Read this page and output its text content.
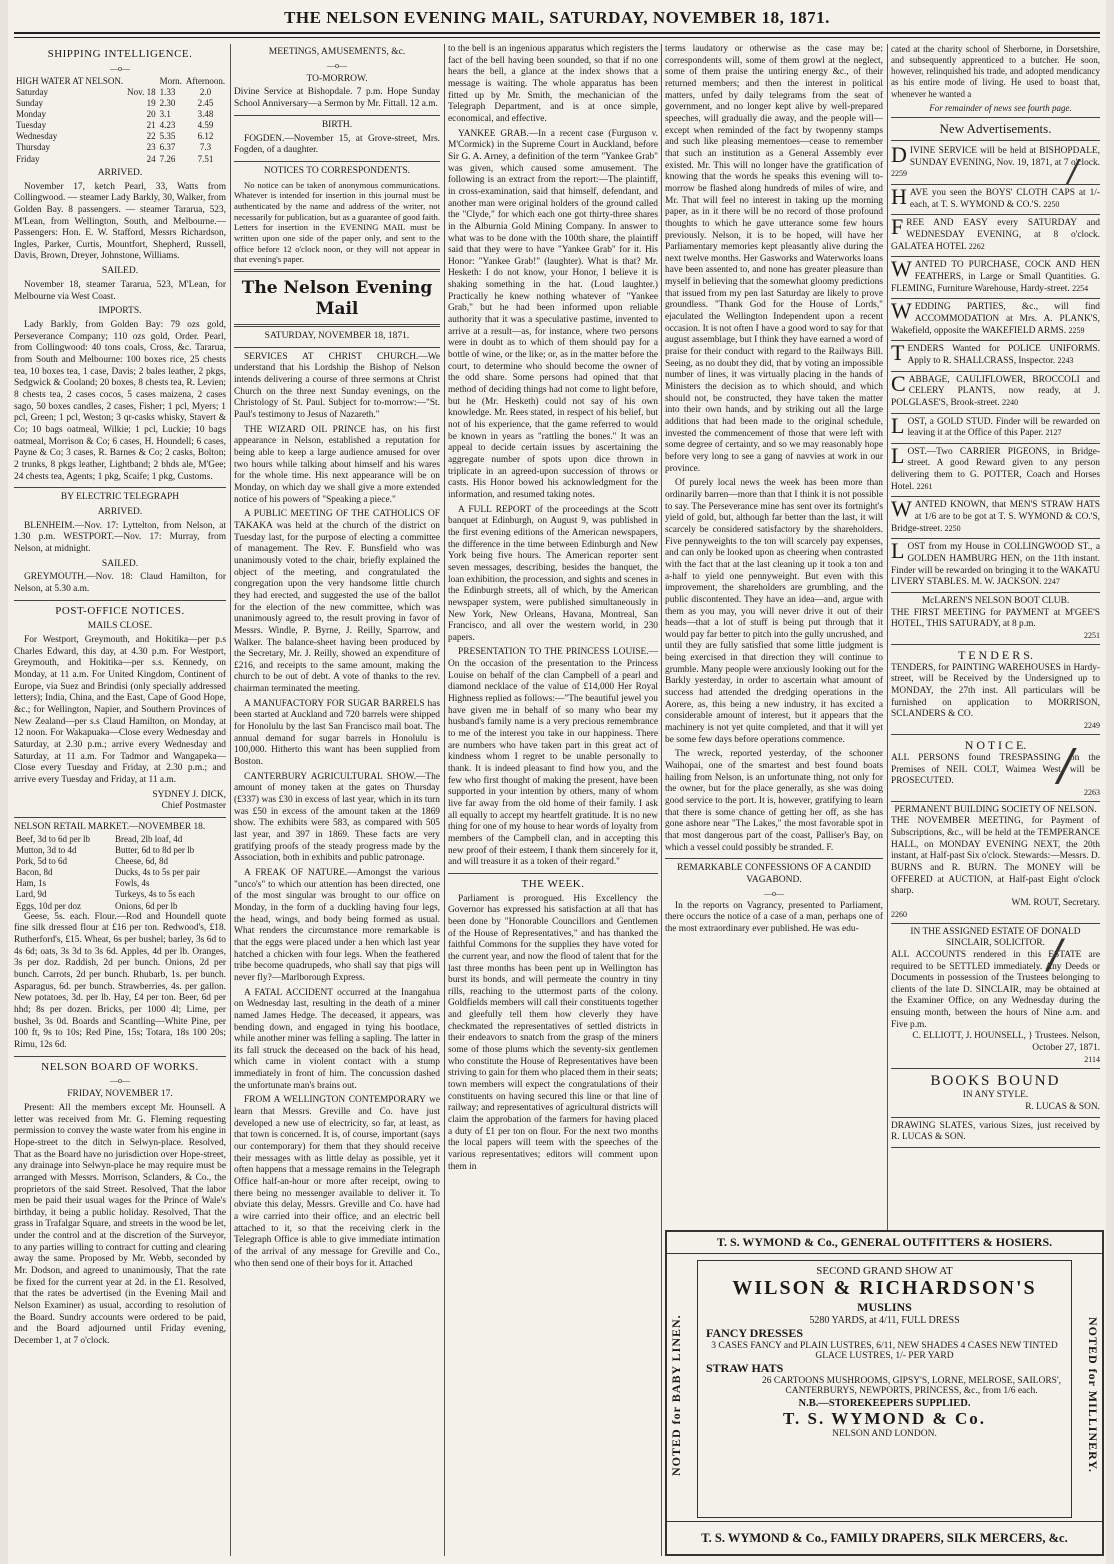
THE NELSON EVENING MAIL, SATURDAY, NOVEMBER 18, 1871.
SHIPPING INTELLIGENCE.
—o—
HIGH WATER AT NELSON.		Morn.	Afternoon.
Saturday	Nov. 18	1.33	2.0
Sunday	19	2.30	2.45
Monday	20	3.1	3.48
Tuesday	21	4.23	4.59
Wednesday	22	5.35	6.12
Thursday	23	6.37	7.3
Friday	24	7.26	7.51
ARRIVED.

November 17, ketch Pearl, 33, Watts from Collingwood. — steamer Lady Barkly, 30, Walker, from Golden Bay. 8 passengers. — steamer Tararua, 523, M'Lean, from Wellington, South, and Melbourne.—Passengers: Hon. E. W. Stafford, Messrs Richardson, Ingles, Parker, Curtis, Mountfort, Shepherd, Russell, Davis, Brown, Dreyer, Johnstone, Williams.

SAILED.

November 18, steamer Tararua, 523, M'Lean, for Melbourne via West Coast.

IMPORTS.

Lady Barkly, from Golden Bay: 79 ozs gold, Perseverance Company; 110 ozs gold, Order. Pearl, from Collingwood: 40 tons coals, Cross, &c. Tararua, from South and Melbourne: 100 boxes rice, 25 chests tea, 10 boxes tea, 1 case, Davis; 2 bales leather, 2 pkgs, Sedgwick & Cooland; 20 boxes, 8 chests tea, R. Levien; 8 chests tea, 2 cases cocos, 5 cases maizena, 2 cases sago, 50 boxes candles, 2 cases, Fisher; 1 pcl, Myers; 1 pcl, Green; 1 pcl, Weston; 3 qr-casks whisky, Stavert & Co; 10 bags oatmeal, Wilkie; 1 pcl, Luckie; 10 bags oatmeal, Morrison & Co; 6 cases, H. Houndell; 6 cases, Payne & Co; 3 cases, R. Barnes & Co; 2 casks, Bolton; 2 trunks, 8 pkgs leather, Lightband; 2 bhds ale, M'Gee; 24 chests tea, Agents; 1 pkg, Scaife; 1 pkg, Customs.

BY ELECTRIC TELEGRAPH
ARRIVED.

BLENHEIM.—Nov. 17: Lyttelton, from Nelson, at 1.30 p.m. WESTPORT.—Nov. 17: Murray, from Nelson, at midnight.

SAILED.

GREYMOUTH.—Nov. 18: Claud Hamilton, for Nelson, at 5.30 a.m.

POST-OFFICE NOTICES.
MAILS CLOSE.

For Westport, Greymouth, and Hokitika—per p.s Charles Edward, this day, at 4.30 p.m. For Westport, Greymouth, and Hokitika—per s.s. Kennedy, on Monday, at 11 a.m. For United Kingdom, Continent of Europe, via Suez and Brindisi (only specially addressed letters); India, China, and the East, Cape of Good Hope, &c.; for Wellington, Napier, and Southern Provinces of New Zealand—per s.s Claud Hamilton, on Monday, at 12 noon. For Wakapuaka—Close every Wednesday and Saturday, at 2.30 p.m.; arrive every Wednesday and Saturday, at 11 a.m. For Tadmor and Wangapeka—Close every Tuesday and Friday, at 2.30 p.m.; and arrive every Tuesday and Friday, at 11 a.m.

SYDNEY J. DICK,
Chief Postmaster
NELSON RETAIL MARKET.—NOVEMBER 18.
Beef, 3d to 6d per lb	Bread, 2lb loaf, 4d
Mutton, 3d to 4d	Butter, 6d to 8d per lb
Pork, 5d to 6d	Cheese, 6d, 8d
Bacon, 8d	Ducks, 4s to 5s per pair
Ham, 1s	Fowls, 4s
Lard, 9d	Turkeys, 4s to 5s each
Eggs, 10d per doz	Onions, 6d per lb

Geese, 5s. each. Flour.—Rod and Houndell quote fine silk dressed flour at £16 per ton. Redwood's, £18. Rutherford's, £15. Wheat, 6s per bushel; barley, 3s 6d to 4s 6d; oats, 3s 3d to 3s 6d. Apples, 4d per lb. Oranges, 3s per doz. Raddish, 2d per bunch. Onions, 2d per bunch. Carrots, 2d per bunch. Rhubarb, 1s. per bunch. Asparagus, 6d. per bunch. Strawberries, 4s. per gallon. New potatoes, 3d. per lb. Hay, £4 per ton. Beer, 6d per hhd; 8s per dozen. Bricks, per 1000 4l; Lime, per bushel, 3s 0d. Boards and Scantling—White Pine, per 100 ft, 9s to 10s; Red Pine, 15s; Totara, 18s 100 20s; Rimu, 12s 6d.

NELSON BOARD OF WORKS.
—o—
FRIDAY, NOVEMBER 17.

Present: All the members except Mr. Hounsell. A letter was received from Mr. G. Fleming requesting permission to convey the waste water from his engine in Hope-street to the ditch in Selwyn-place. Resolved, That as the Board have no jurisdiction over Hope-street, any drainage into Selwyn-place he may require must be arranged with Messrs. Morrison, Sclanders, & Co., the proprietors of the said Street. Resolved, That the labor men be paid their usual wages for the Prince of Wale's birthday, it being a public holiday. Resolved, That the grass in Trafalgar Square, and streets in the wood be let, under the control and at the discretion of the Surveyor, to any parties willing to contract for cutting and clearing away the same. Proposed by Mr. Webb, seconded by Mr. Dodson, and agreed to unanimously, That the rate be fixed for the current year at 2d. in the £1. Resolved, that the rates be advertised (in the Evening Mail and Nelson Examiner) as usual, according to resolution of the Board. Sundry accounts were ordered to be paid, and the Board adjourned until Friday evening, December 1, at 7 o'clock.

MEETINGS, AMUSEMENTS, &c.
—o—
TO-MORROW.

Divine Service at Bishopdale. 7 p.m. Hope Sunday School Anniversary—a Sermon by Mr. Fittall. 12 a.m.

BIRTH.

FOGDEN.—November 15, at Grove-street, Mrs. Fogden, of a daughter.

NOTICES TO CORRESPONDENTS.

No notice can be taken of anonymous communications. Whatever is intended for insertion in this journal must be authenticated by the name and address of the writer, not necessarily for publication, but as a guarantee of good faith. Letters for insertion in the EVENING MAIL must be written upon one side of the paper only, and sent to the office before 12 o'clock noon, or they will not appear in that evening's paper.

The Nelson Evening Mail
SATURDAY, NOVEMBER 18, 1871.

SERVICES AT CHRIST CHURCH.—We understand that his Lordship the Bishop of Nelson intends delivering a course of three sermons at Christ Church on the three next Sunday evenings, on the Christology of St. Paul. Subject for to-morrow:—"St. Paul's testimony to Jesus of Nazareth."

THE WIZARD OIL PRINCE has, on his first appearance in Nelson, established a reputation for being able to keep a large audience amused for over two hours while talking about himself and his wares for the whole time. His next appearance will be on Monday, on which day we shall give a more extended notice of his powers of "Speaking a piece."

A PUBLIC MEETING OF THE CATHOLICS OF TAKAKA was held at the church of the district on Tuesday last, for the purpose of electing a committee of management. The Rev. F. Bunsfield who was unanimously voted to the chair, briefly explained the object of the meeting, and congratulated the congregation upon the very handsome little church they had erected, and suggested the use of the ballot for the election of the new committee, which was unanimously agreed to, the result proving in favor of Messrs. Windle, P. Byrne, J. Reilly, Sparrow, and Walker. The balance-sheet having been produced by the Secretary, Mr. J. Reilly, showed an expenditure of £216, and receipts to the same amount, making the church to be out of debt. A vote of thanks to the rev. chairman terminated the meeting.

A MANUFACTORY FOR SUGAR BARRELS has been started at Auckland and 720 barrels were shipped for Honolulu by the last San Francisco mail boat. The annual demand for sugar barrels in Honolulu is 100,000. Hitherto this want has been supplied from Boston.

CANTERBURY AGRICULTURAL SHOW.—The amount of money taken at the gates on Thursday (£337) was £30 in excess of last year, which in its turn was £50 in excess of the amount taken at the 1869 show. The exhibits were 583, as compared with 505 last year, and 397 in 1869. These facts are very gratifying proofs of the steady progress made by the Association, both in exhibits and public patronage.

A FREAK OF NATURE.—Amongst the various "unco's" to which our attention has been directed, one of the most singular was brought to our office on Monday, in the form of a duckling having four legs, the head, wings, and body being formed as usual. What renders the circumstance more remarkable is that the eggs were placed under a hen which last year hatched a chicken with four legs. When the feathered tribe become quadrupeds, who shall say that pigs will never fly?—Marlborough Express.

A FATAL ACCIDENT occurred at the Inangahua on Wednesday last, resulting in the death of a miner named James Hedge. The deceased, it appears, was bending down, and engaged in tying his bootlace, while another miner was felling a sapling. The latter in its fall struck the deceased on the back of his head, which came in violent contact with a stump immediately in front of him. The concussion dashed the unfortunate man's brains out.

FROM A WELLINGTON CONTEMPORARY we learn that Messrs. Greville and Co. have just developed a new use of electricity, so far, at least, as that town is concerned. It is, of course, important (says our contemporary) for them that they should receive their messages with as little delay as possible, yet it often happens that a message remains in the Telegraph Office half-an-hour or more after receipt, owing to there being no messenger available to deliver it. To obviate this delay, Messrs. Greville and Co. have had a wire carried into their office, and an electric bell attached to it, so that the receiving clerk in the Telegraph Office is able to give immediate intimation of the arrival of any message for Greville and Co., who then send one of their boys for it. Attached

to the bell is an ingenious apparatus which registers the fact of the bell having been sounded, so that if no one hears the bell, a glance at the index shows that a message is waiting. The whole apparatus has been fitted up by Mr. Smith, the mechanician of the Telegraph Department, and is at once simple, economical, and effective.

YANKEE GRAB.—In a recent case (Furguson v. M'Cormick) in the Supreme Court in Auckland, before Sir G. A. Arney, a definition of the term "Yankee Grab" was given, which caused some amusement. The following is an extract from the report:—The plaintiff, in cross-examination, said that himself, defendant, and another man were original holders of the ground called the "Clyde," for which each one got thirty-three shares in the Alburnia Gold Mining Company. In answer to what was to be done with the 100th share, the plaintiff said that they were to have "Yankee Grab" for it. His Honor: "Yankee Grab!" (laughter). What is that? Mr. Hesketh: I do not know, your Honor, I believe it is shaking something in the hat. (Loud laughter.) Practically he knew nothing whatever of "Yankee Grab," but he had been informed upon reliable authority that it was a speculative pastime, invented to arrive at a result—as, for instance, where two persons were in doubt as to which of them should pay for a bottle of wine, or the like; or, as in the matter before the court, to determine who should become the owner of the odd share. Some persons had opined that that method of deciding things had not come to light before, but he (Mr. Hesketh) could not say of his own knowledge. Mr. Rees stated, in respect of his belief, but not of his experience, that the game referred to would be known in years as "rattling the bones." It was an appeal to decide certain issues by ascertaining the aggregate number of spots upon dice thrown in triplicate in an agreed-upon succession of throws or casts. His Honor bowed his acknowledgment for the information, and resumed taking notes.

A FULL REPORT of the proceedings at the Scott banquet at Edinburgh, on August 9, was published in the first evening editions of the American newspapers, the difference in the time between Edinburgh and New York being five hours. The American reporter sent seven messages, describing, besides the banquet, the loan exhibition, the procession, and sights and scenes in the Edinburgh streets, all of which, by the American newspaper system, were published simultaneously in New York, New Orleans, Havana, Montreal, San Francisco, and all over the western world, in 230 papers.

PRESENTATION TO THE PRINCESS LOUISE.—On the occasion of the presentation to the Princess Louise on behalf of the clan Campbell of a pearl and diamond necklace of the value of £14,000 Her Royal Highness replied as follows:—"The beautiful jewel you have given me in behalf of so many who bear my husband's family name is a very precious remembrance to me of the interest you take in our happiness. There are numbers who have taken part in this great act of kindness whom I regret to be unable personally to thank. It is indeed pleasant to find how you, and the few who first thought of making the present, have been supported in your intention by others, many of whom live far away from the old home of their family. I ask all equally to accept my heartfelt gratitude. It is no new thing for one of my house to hear words of loyalty from members of the Campbell clan, and in accepting this new proof of their esteem, I thank them sincerely for it, and will treasure it as a token of their regard."

THE WEEK.

Parliament is prorogued. His Excellency the Governor has expressed his satisfaction at all that has been done by "Honorable Councillors and Gentlemen of the House of Representatives," and has thanked the faithful Commons for the supplies they have voted for the current year, and now the flood of talent that for the last three months has been pent up in Wellington has burst its bonds, and will permeate the country in tiny rills, reaching to the uttermost parts of the colony. Goldfields members will call their constituents together and gleefully tell them how cleverly they have checkmated the representatives of settled districts in their endeavors to snatch from the grasp of the miners some of those plums which the seventy-six gentlemen who constitute the House of Representatives have been striving to gain for them who placed them in their seats; town members will expect the congratulations of their constituents on having secured this line or that line of railway; and representatives of agricultural districts will claim the approbation of the farmers for having placed a duty of £1 per ton on flour. For the next two months the local papers will teem with the speeches of the various representatives; editors will comment upon them in

terms laudatory or otherwise as the case may be; correspondents will, some of them growl at the neglect, some of them praise the untiring energy &c., of their returned members; and then the interest in political matters, unfed by daily telegrams from the seat of government, and no longer kept alive by well-prepared speeches, will gradually die away, and the people will—except when reminded of the fact by twopenny stamps and such like pleasing mementoes—cease to remember that such an institution as a General Assembly ever existed. Mr. This will no longer have the gratification of knowing that the words he speaks this evening will to-morrow be flashed along hundreds of miles of wire, and Mr. That will feel no interest in taking up the morning paper, as in it there will be no record of those profound thoughts to which he gave utterance some few hours previously. Nelson, it is to be hoped, will have her Parliamentary memories kept pleasantly alive during the next twelve months. Her Gasworks and Waterworks loans have been assented to, and none has greater pleasure than myself in believing that the somewhat gloomy predictions that issued from my pen last Saturday are likely to prove groundless. "Thank God for the House of Lords," ejaculated the Wellington Independent upon a recent occasion. It is not often I have a good word to say for that august assemblage, but I think they have earned a word of praise for their conduct with regard to the Railways Bill. Seeing, as no doubt they did, that by voting an impossible number of lines, it was virtually placing in the hands of Ministers the decision as to which should, and which should not, be constructed, they have taken the matter into their own hands, and by striking out all the large additions that had been made to the original schedule, invested the commencement of those that were left with some degree of certainty, and so we may reasonably hope before very long to see a gang of navvies at work in our province.

Of purely local news the week has been more than ordinarily barren—more than that I think it is not possible to say. The Perseverance mine has sent over its fortnight's yield of gold, but, although far better than the last, it will scarcely be considered satisfactory by the shareholders. Five pennyweights to the ton will scarcely pay expenses, and can only be looked upon as cheering when contrasted with the fact that at the last cleaning up it took a ton and a-half to yield one pennyweight. But even with this improvement, the shareholders are grumbling, and the public discontented. They have an idea—and, argue with them as you may, you will never drive it out of their heads—that a lot of stuff is being put through that it would pay far better to pitch into the gully uncrushed, and until they are fully satisfied that some little judgment is being exercised in that direction they will continue to grumble. Many people were anxiously looking out for the Barkly yesterday, in order to ascertain what amount of success had attended the dredging operations in the Aorere, as, this being a new industry, it has excited a considerable amount of interest, but it appears that the machinery is not yet quite completed, and that it will yet be some few days before operations commence.

The wreck, reported yesterday, of the schooner Waihopai, one of the smartest and best found boats hailing from Nelson, is an unfortunate thing, not only for the owner, but for the place generally, as she was doing good service to the port. It is, however, gratifying to learn that there is some chance of getting her off, as she has gone ashore near "The Lakes," the most favorable spot in that most dangerous part of the coast, Palliser's Bay, on which a vessel could possibly be stranded. F.

REMARKABLE CONFESSIONS OF A CANDID VAGABOND.
—o—

In the reports on Vagrancy, presented to Parliament, there occurs the notice of a case of a man, perhaps one of the most extraordinary ever published. He was edu-

cated at the charity school of Sherborne, in Dorsetshire, and subsequently apprenticed to a butcher. He soon, however, relinquished his trade, and adopted mendicancy as his entire mode of living. He used to boast that, whenever he wanted a

For remainder of news see fourth page.

New Advertisements.
DIVINE SERVICE will be held at BISHOPDALE, SUNDAY EVENING, Nov. 19, 1871, at 7 o'clock. 2259
HAVE you seen the BOYS' CLOTH CAPS at 1/- each, at T. S. WYMOND & CO.'S. 2250
FREE AND EASY every SATURDAY and WEDNESDAY EVENING, at 8 o'clock. GALATEA HOTEL 2262
WANTED TO PURCHASE, COCK AND HEN FEATHERS, in Large or Small Quantities. G. FLEMING, Furniture Warehouse, Hardy-street. 2254
WEDDING PARTIES, &c., will find ACCOMMODATION at Mrs. A. PLANK'S, Wakefield, opposite the WAKEFIELD ARMS. 2259
TENDERS Wanted for POLICE UNIFORMS. Apply to R. SHALLCRASS, Inspector. 2243
CABBAGE, CAULIFLOWER, BROCCOLI and CELERY PLANTS, now ready, at J. POLGLASE'S, Brook-street. 2240
LOST, a GOLD STUD. Finder will be rewarded on leaving it at the Office of this Paper. 2127
LOST.—Two CARRIER PIGEONS, in Bridge-street. A good Reward given to any person delivering them to G. POTTER, Coach and Horses Hotel. 2261
WANTED KNOWN, that MEN'S STRAW HATS at 1/6 are to be got at T. S. WYMOND & CO.'S, Bridge-street. 2250
LOST from my House in COLLINGWOOD ST., a GOLDEN HAMBURG HEN, on the 11th instant. Finder will be rewarded on bringing it to the WAKATU LIVERY STABLES. M. W. JACKSON. 2247
McLAREN'S NELSON BOOT CLUB.
THE FIRST MEETING for PAYMENT at M'GEE'S HOTEL, THIS SATURADY, at 8 p.m.
2251
T E N D E R S.
TENDERS, for PAINTING WAREHOUSES in Hardy-street, will be Received by the Undersigned up to MONDAY, the 27th inst. All particulars will be furnished on application to MORRISON, SCLANDERS & CO.
2249
N O T I C E.
ALL PERSONS found TRESPASSING on the Premises of NEIL COLT, Waimea West, will be PROSECUTED.
2263
PERMANENT BUILDING SOCIETY OF NELSON.
THE NOVEMBER MEETING, for Payment of Subscriptions, &c., will be held at the TEMPERANCE HALL, on MONDAY EVENING NEXT, the 20th instant, at Half-past Six o'clock. Stewards:—Messrs. D. BURNS and R. BURN. The MONEY will be OFFERED at AUCTION, at Half-past Eight o'clock sharp.
WM. ROUT, Secretary.
2260
IN THE ASSIGNED ESTATE OF DONALD SINCLAIR, SOLICITOR.
ALL ACCOUNTS rendered in this ESTATE are required to be SETTLED immediately. Any Deeds or Documents in possession of the Trustees belonging to clients of the late D. SINCLAIR, may be obtained at the Examiner Office, on any Wednesday during the ensuing month, between the hours of Nine a.m. and Five p.m.
C. ELLIOTT, J. HOUNSELL, } Trustees. Nelson, October 27, 1871.
2114
BOOKS BOUND
IN ANY STYLE.
R. LUCAS & SON.
DRAWING SLATES, various Sizes, just received by R. LUCAS & SON.
T. S. WYMOND & Co., GENERAL OUTFITTERS & HOSIERS.
NOTED for BABY LINEN.	NOTED for MILLINERY.
SECOND GRAND SHOW AT
WILSON & RICHARDSON'S
MUSLINS
5280 YARDS, at 4/11, FULL DRESS
FANCY DRESSES
3 CASES FANCY and PLAIN LUSTRES, 6/11, NEW SHADES 4 CASES NEW TINTED GLACE LUSTRES, 1/- PER YARD
STRAW HATS
26 CARTOONS MUSHROOMS, GIPSY'S, LORNE, MELROSE, SAILORS', CANTERBURYS, NEWPORTS, PRINCESS, &c., from 1/6 each.
N.B.—STOREKEEPERS SUPPLIED.
T. S. WYMOND & Co.
NELSON AND LONDON.
T. S. WYMOND & Co., FAMILY DRAPERS, SILK MERCERS, &c.
/
/
/
